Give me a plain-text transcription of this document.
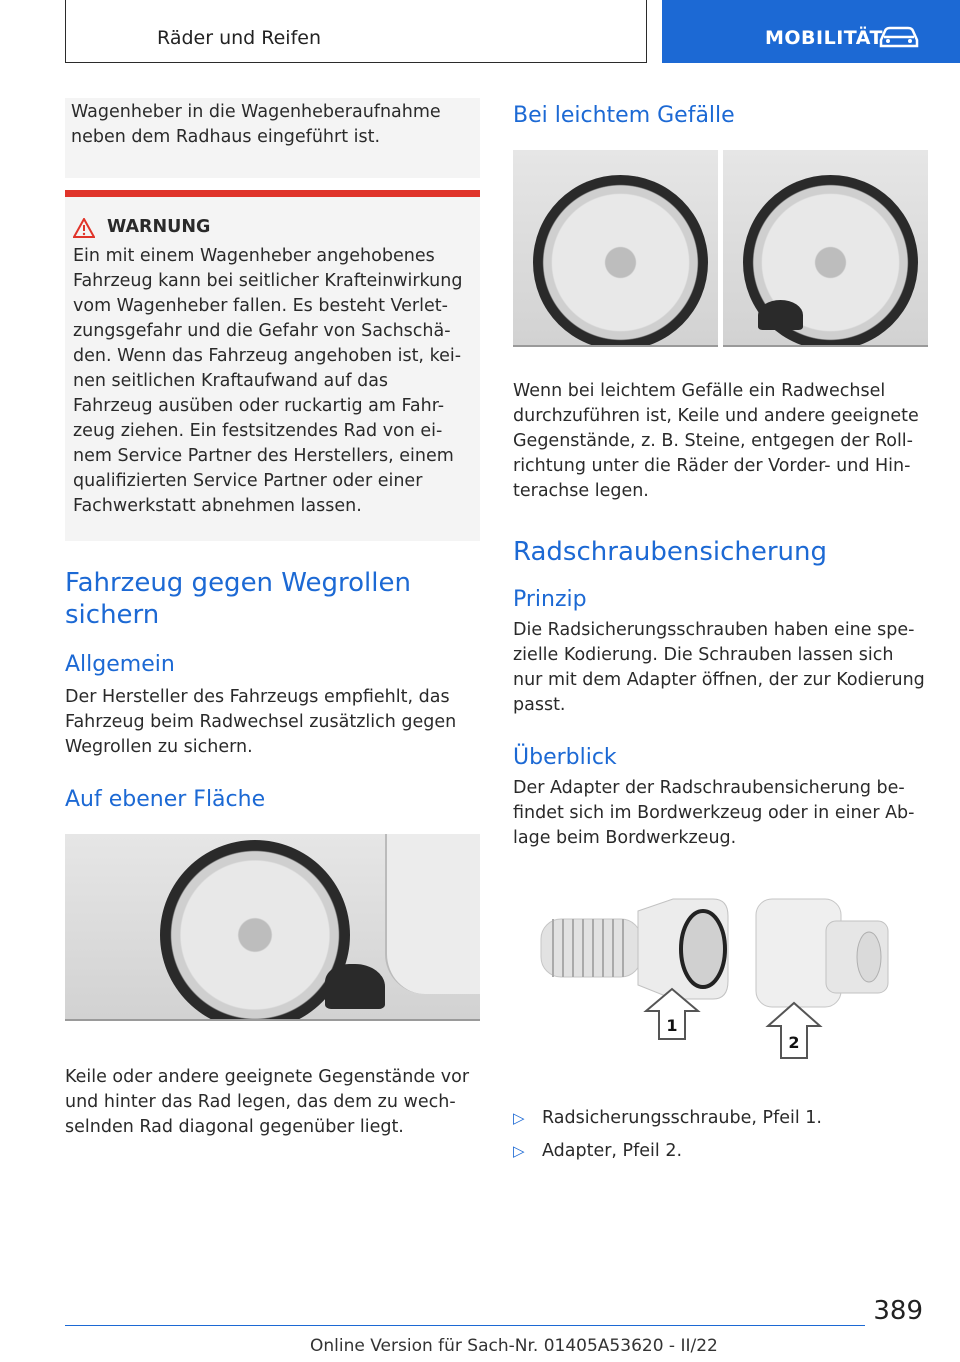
Räder und Reifen	MOBILITÄT
Wagenheber in die Wagenheberaufnahme
neben dem Radhaus eingeführt ist.
WARNUNG
Ein mit einem Wagenheber angehobenes
Fahrzeug kann bei seitlicher Krafteinwirkung
vom Wagenheber fallen. Es besteht Verlet-
zungsgefahr und die Gefahr von Sachschä-
den. Wenn das Fahrzeug angehoben ist, kei-
nen seitlichen Kraftaufwand auf das
Fahrzeug ausüben oder ruckartig am Fahr-
zeug ziehen. Ein festsitzendes Rad von ei-
nem Service Partner des Herstellers, einem
qualifizierten Service Partner oder einer
Fachwerkstatt abnehmen lassen.
Fahrzeug gegen Wegrollen sichern
Allgemein

Der Hersteller des Fahrzeugs empfiehlt, das
Fahrzeug beim Radwechsel zusätzlich gegen
Wegrollen zu sichern.

Auf ebener Fläche

Keile oder andere geeignete Gegenstände vor
und hinter das Rad legen, das dem zu wech-
selnden Rad diagonal gegenüber liegt.

Bei leichtem Gefälle

Wenn bei leichtem Gefälle ein Radwechsel
durchzuführen ist, Keile und andere geeignete
Gegenstände, z. B. Steine, entgegen der Roll-
richtung unter die Räder der Vorder- und Hin-
terachse legen.

Radschraubensicherung
Prinzip

Die Radsicherungsschrauben haben eine spe-
zielle Kodierung. Die Schrauben lassen sich
nur mit dem Adapter öffnen, der zur Kodierung
passt.

Überblick

Der Adapter der Radschraubensicherung be-
findet sich im Bordwerkzeug oder in einer Ab-
lage beim Bordwerkzeug.

1
2
▷ Radsicherungsschraube, Pfeil 1.
▷ Adapter, Pfeil 2.
389
Online Version für Sach-Nr. 01405A53620 - II/22
